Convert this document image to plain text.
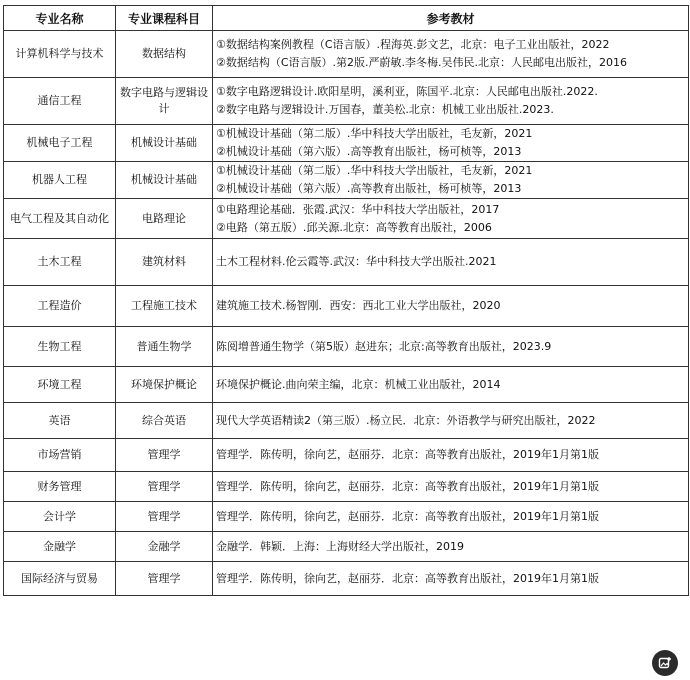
专业名称	专业课程科目	参考教材
计算机科学与技术	数据结构	①数据结构案例教程（C语言版）.程海英.彭文艺，北京：电子工业出版社，2022
②数据结构（C语言版）.第2版.严蔚敏.李冬梅.吴伟民.北京：人民邮电出版社，2016

通信工程	数字电路与逻辑设计	①数字电路逻辑设计.欧阳星明，溪利亚，陈国平.北京：人民邮电出版社.2022.
②数字电路与逻辑设计.万国春，董美松.北京：机械工业出版社.2023.

机械电子工程	机械设计基础	①机械设计基础（第二版）.华中科技大学出版社，毛友新，2021
②机械设计基础（第六版）.高等教育出版社，杨可桢等，2013

机器人工程	机械设计基础	①机械设计基础（第二版）.华中科技大学出版社，毛友新，2021
②机械设计基础（第六版）.高等教育出版社，杨可桢等，2013

电气工程及其自动化	电路理论	①电路理论基础．张霞.武汉：华中科技大学出版社，2017
②电路（第五版）.邱关源.北京：高等教育出版社，2006

土木工程	建筑材料	土木工程材料.伦云霞等.武汉：华中科技大学出版社.2021

工程造价	工程施工技术	建筑施工技术.杨智刚．西安：西北工业大学出版社，2020

生物工程	普通生物学	陈阅增普通生物学（第5版）赵进东；北京:高等教育出版社，2023.9

环境工程	环境保护概论	环境保护概论.曲向荣主编，北京：机械工业出版社，2014

英语	综合英语	现代大学英语精读2（第三版）.杨立民．北京：外语教学与研究出版社，2022

市场营销	管理学	管理学．陈传明，徐向艺，赵丽芬．北京：高等教育出版社，2019年1月第1版

财务管理	管理学	管理学．陈传明，徐向艺，赵丽芬．北京：高等教育出版社，2019年1月第1版

会计学	管理学	管理学．陈传明，徐向艺，赵丽芬．北京：高等教育出版社，2019年1月第1版

金融学	金融学	金融学．韩颖．上海：上海财经大学出版社，2019

国际经济与贸易	管理学	管理学．陈传明，徐向艺，赵丽芬．北京：高等教育出版社，2019年1月第1版
